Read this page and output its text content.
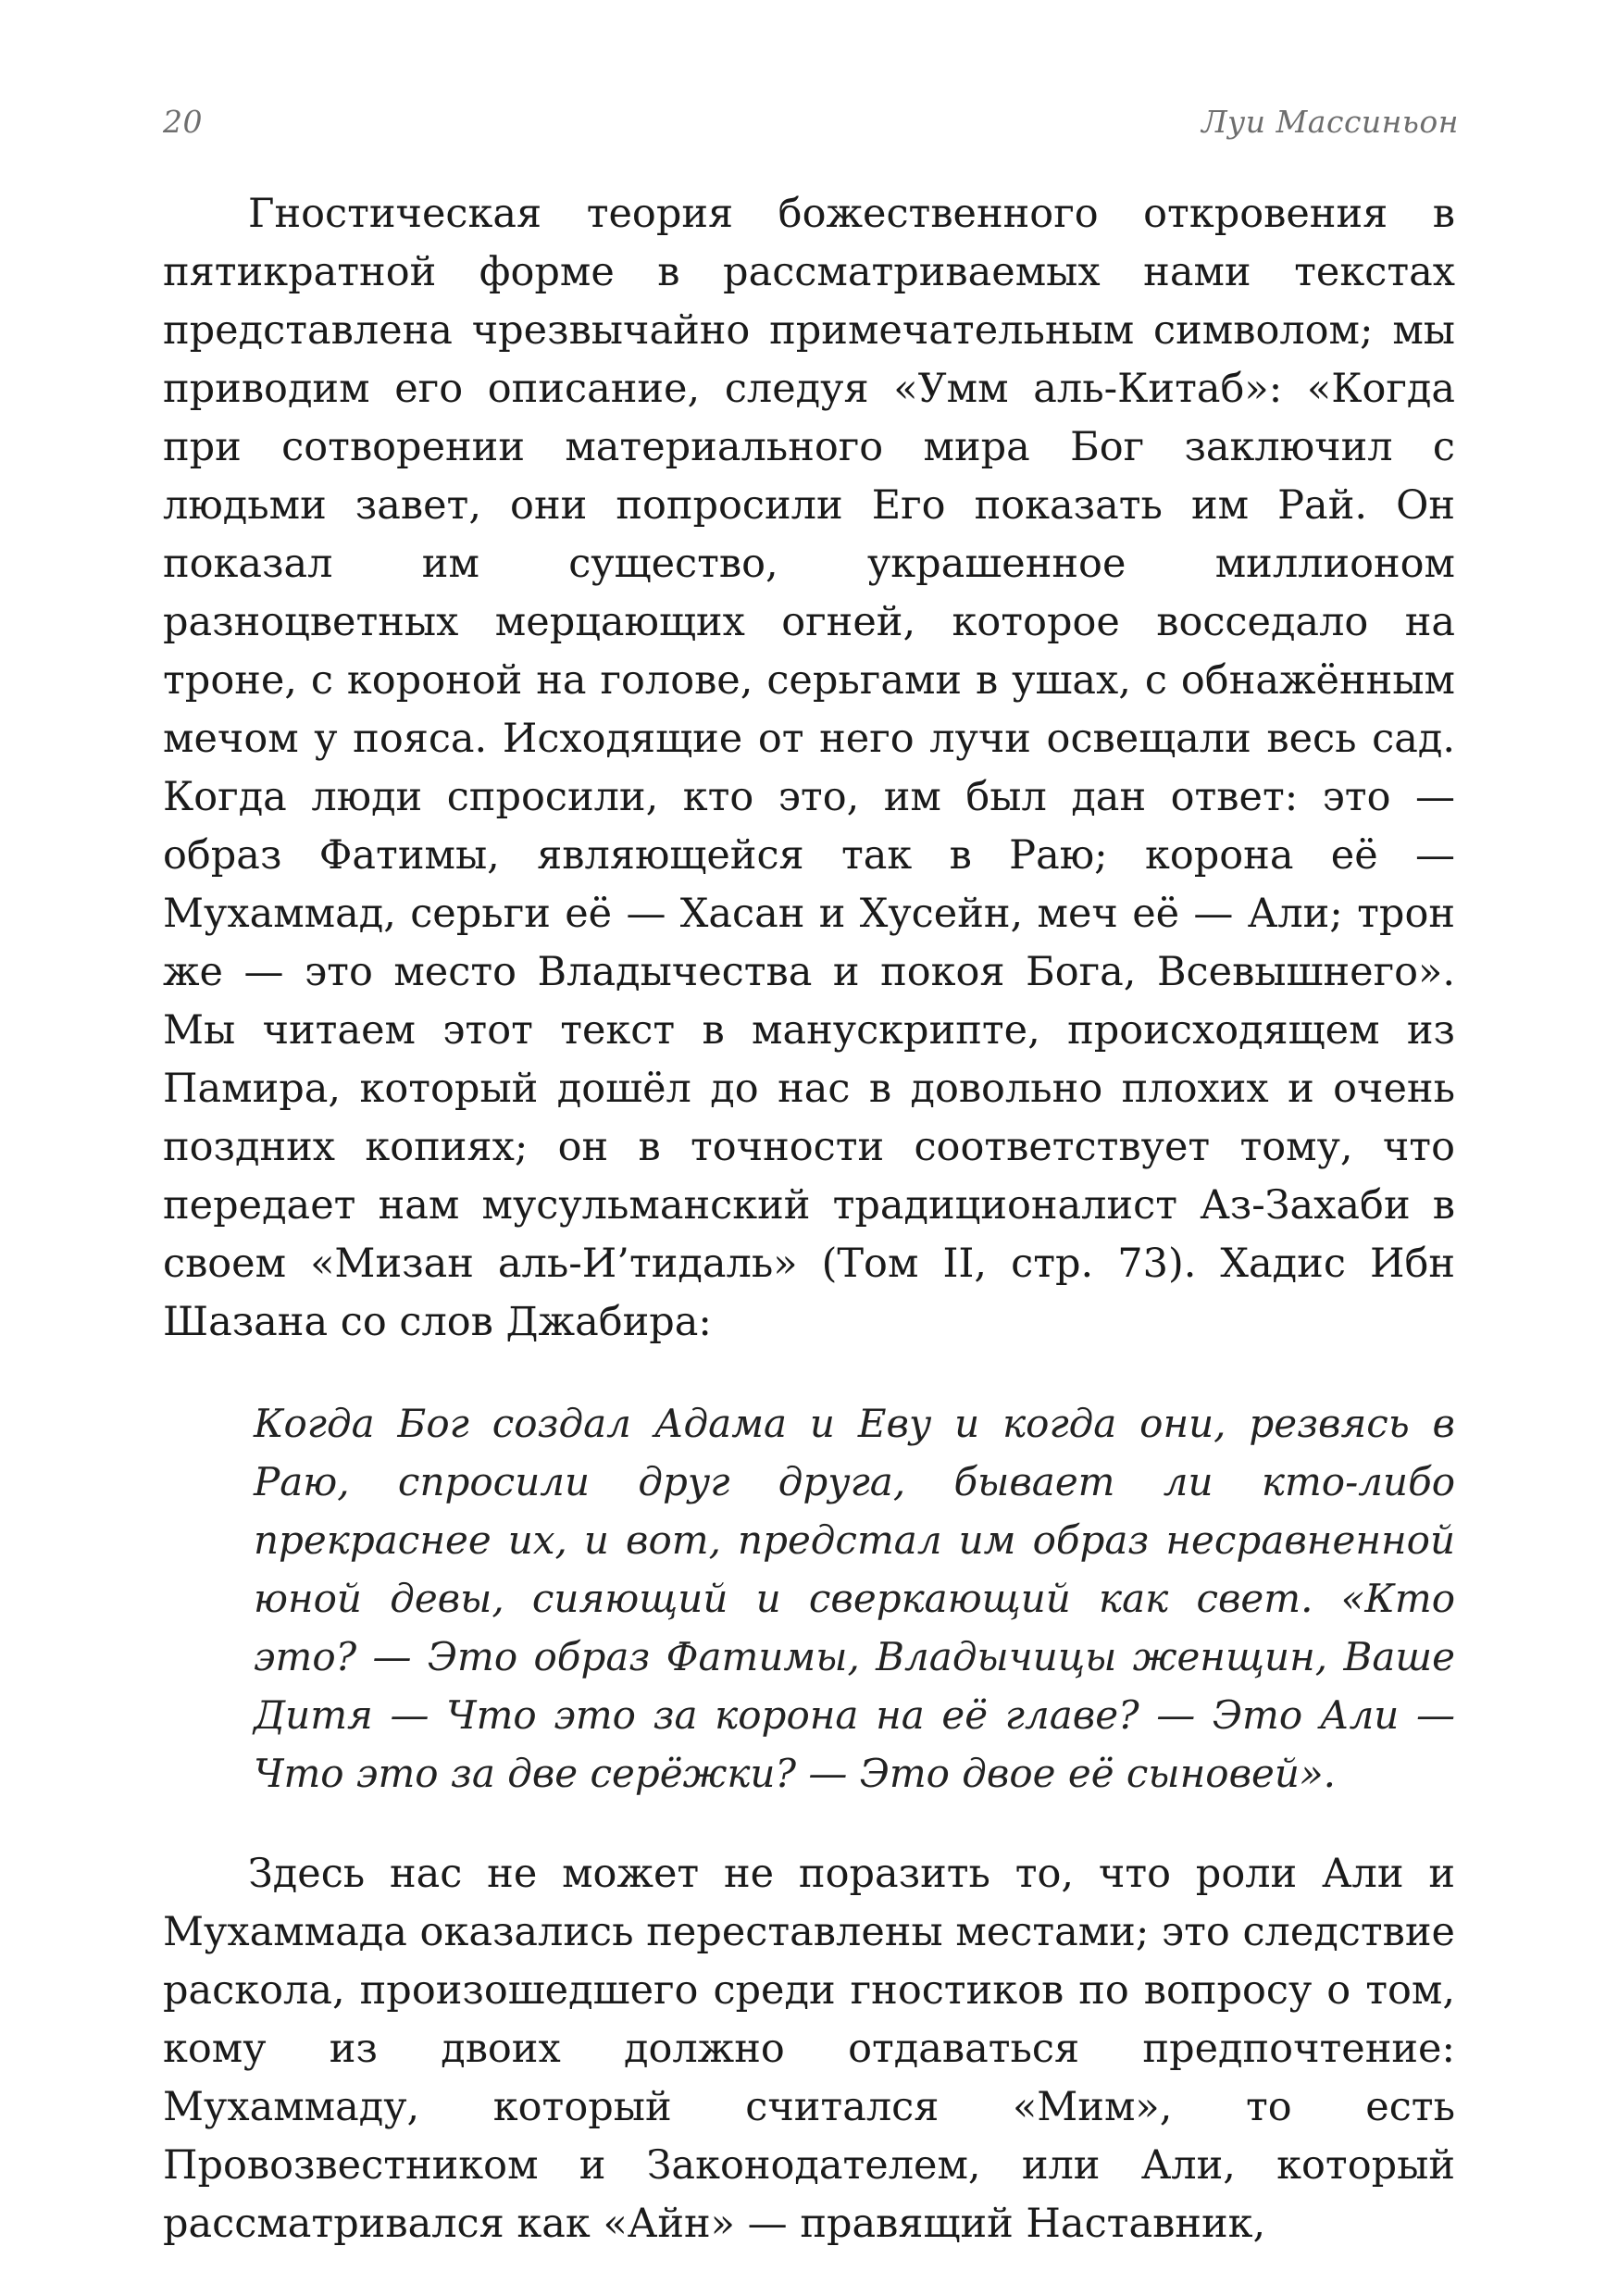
20	Луи Массиньон

Гностическая теория божественного откровения в пятикратной форме в рассматриваемых нами текстах представлена чрезвычайно примечательным символом; мы приводим его описание, следуя «Умм аль-Китаб»: «Когда при сотворении материального мира Бог заключил с людьми завет, они попросили Его показать им Рай. Он показал им существо, украшенное миллионом разноцветных мерцающих огней, которое восседало на троне, с короной на голове, серьгами в ушах, с обнажённым мечом у пояса. Исходящие от него лучи освещали весь сад. Когда люди спросили, кто это, им был дан ответ: это — образ Фатимы, являющейся так в Раю; корона её — Мухаммад, серьги её — Хасан и Хусейн, меч её — Али; трон же — это место Владычества и покоя Бога, Всевышнего». Мы читаем этот текст в манускрипте, происходящем из Памира, который дошёл до нас в довольно плохих и очень поздних копиях; он в точности соответствует тому, что передает нам мусульманский традиционалист Аз-Захаби в своем «Мизан аль-И’тидаль» (Том II, стр. 73). Хадис Ибн Шазана со слов Джабира:

Когда Бог создал Адама и Еву и когда они, резвясь в Раю, спросили друг друга, бывает ли кто-либо прекраснее их, и вот, предстал им образ несравненной юной девы, сияющий и сверкающий как свет. «Кто это? — Это образ Фатимы, Владычицы женщин, Ваше Дитя — Что это за корона на её главе? — Это Али — Что это за две серёжки? — Это двое её сыновей».

Здесь нас не может не поразить то, что роли Али и Мухаммада оказались переставлены местами; это следствие раскола, произошедшего среди гностиков по вопросу о том, кому из двоих должно отдаваться предпочтение: Мухаммаду, который считался «Мим», то есть Провозвестником и Законодателем, или Али, который рассматривался как «Айн» — правящий Наставник,
